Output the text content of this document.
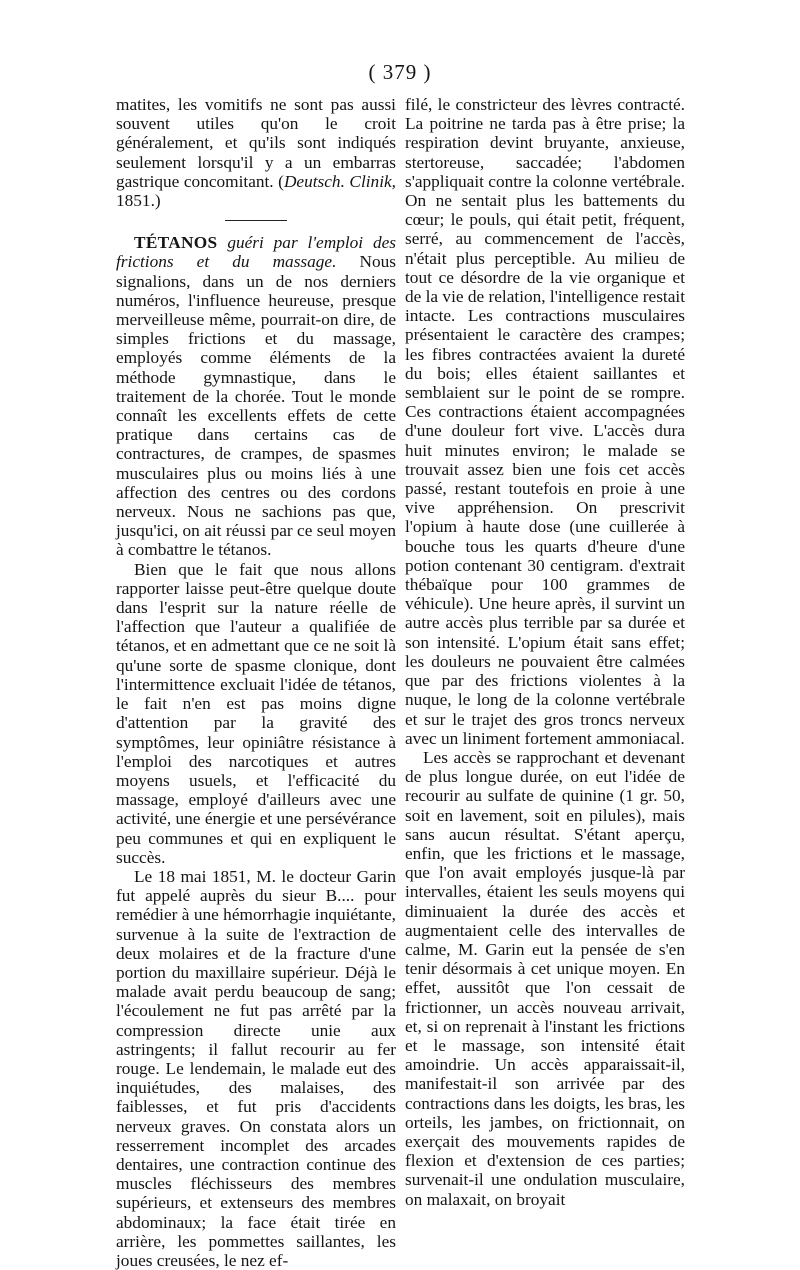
( 379 )

matites, les vomitifs ne sont pas aussi souvent utiles qu'on le croit généralement, et qu'ils sont indiqués seulement lorsqu'il y a un embarras gastrique concomitant. (Deutsch. Clinik, 1851.)

TÉTANOS guéri par l'emploi des frictions et du massage. Nous signalions, dans un de nos derniers numéros, l'influence heureuse, presque merveilleuse même, pourrait-on dire, de simples frictions et du massage, employés comme éléments de la méthode gymnastique, dans le traitement de la chorée. Tout le monde connaît les excellents effets de cette pratique dans certains cas de contractures, de crampes, de spasmes musculaires plus ou moins liés à une affection des centres ou des cordons nerveux. Nous ne sachions pas que, jusqu'ici, on ait réussi par ce seul moyen à combattre le tétanos.

Bien que le fait que nous allons rapporter laisse peut-être quelque doute dans l'esprit sur la nature réelle de l'affection que l'auteur a qualifiée de tétanos, et en admettant que ce ne soit là qu'une sorte de spasme clonique, dont l'intermittence excluait l'idée de tétanos, le fait n'en est pas moins digne d'attention par la gravité des symptômes, leur opiniâtre résistance à l'emploi des narcotiques et autres moyens usuels, et l'efficacité du massage, employé d'ailleurs avec une activité, une énergie et une persévérance peu communes et qui en expliquent le succès.

Le 18 mai 1851, M. le docteur Garin fut appelé auprès du sieur B.... pour remédier à une hémorrhagie inquiétante, survenue à la suite de l'extraction de deux molaires et de la fracture d'une portion du maxillaire supérieur. Déjà le malade avait perdu beaucoup de sang; l'écoulement ne fut pas arrêté par la compression directe unie aux astringents; il fallut recourir au fer rouge. Le lendemain, le malade eut des inquiétudes, des malaises, des faiblesses, et fut pris d'accidents nerveux graves. On constata alors un resserrement incomplet des arcades dentaires, une contraction continue des muscles fléchisseurs des membres supérieurs, et extenseurs des membres abdominaux; la face était tirée en arrière, les pommettes saillantes, les joues creusées, le nez ef-

filé, le constricteur des lèvres contracté. La poitrine ne tarda pas à être prise; la respiration devint bruyante, anxieuse, stertoreuse, saccadée; l'abdomen s'appliquait contre la colonne vertébrale. On ne sentait plus les battements du cœur; le pouls, qui était petit, fréquent, serré, au commencement de l'accès, n'était plus perceptible. Au milieu de tout ce désordre de la vie organique et de la vie de relation, l'intelligence restait intacte. Les contractions musculaires présentaient le caractère des crampes; les fibres contractées avaient la dureté du bois; elles étaient saillantes et semblaient sur le point de se rompre. Ces contractions étaient accompagnées d'une douleur fort vive. L'accès dura huit minutes environ; le malade se trouvait assez bien une fois cet accès passé, restant toutefois en proie à une vive appréhension. On prescrivit l'opium à haute dose (une cuillerée à bouche tous les quarts d'heure d'une potion contenant 30 centigram. d'extrait thébaïque pour 100 grammes de véhicule). Une heure après, il survint un autre accès plus terrible par sa durée et son intensité. L'opium était sans effet; les douleurs ne pouvaient être calmées que par des frictions violentes à la nuque, le long de la colonne vertébrale et sur le trajet des gros troncs nerveux avec un liniment fortement ammoniacal.

Les accès se rapprochant et devenant de plus longue durée, on eut l'idée de recourir au sulfate de quinine (1 gr. 50, soit en lavement, soit en pilules), mais sans aucun résultat. S'étant aperçu, enfin, que les frictions et le massage, que l'on avait employés jusque-là par intervalles, étaient les seuls moyens qui diminuaient la durée des accès et augmentaient celle des intervalles de calme, M. Garin eut la pensée de s'en tenir désormais à cet unique moyen. En effet, aussitôt que l'on cessait de frictionner, un accès nouveau arrivait, et, si on reprenait à l'instant les frictions et le massage, son intensité était amoindrie. Un accès apparaissait-il, manifestait-il son arrivée par des contractions dans les doigts, les bras, les orteils, les jambes, on frictionnait, on exerçait des mouvements rapides de flexion et d'extension de ces parties; survenait-il une ondulation musculaire, on malaxait, on broyait
